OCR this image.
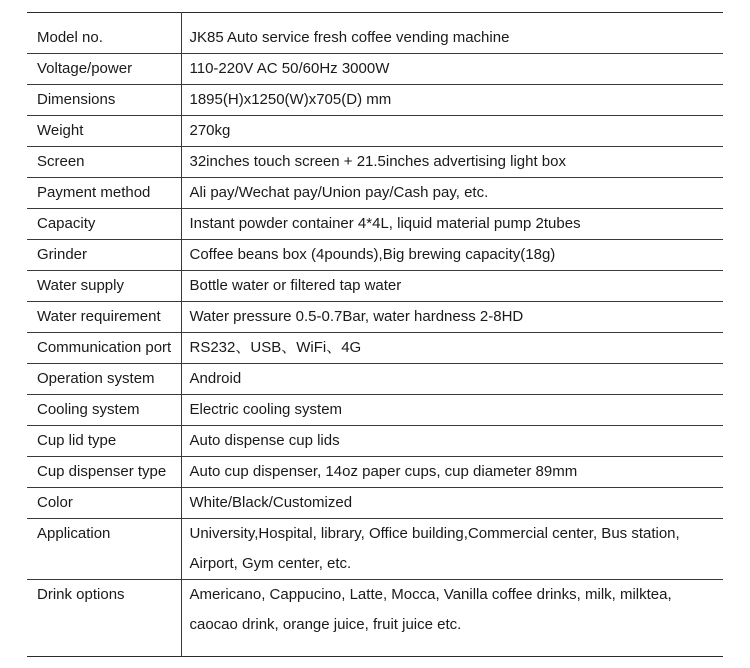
Model no.	JK85 Auto service fresh coffee vending machine

Voltage/power	110-220V AC 50/60Hz 3000W

Dimensions	1895(H)x1250(W)x705(D) mm

Weight	270kg

Screen	32inches touch screen + 21.5inches advertising light box

Payment method	Ali pay/Wechat pay/Union pay/Cash pay, etc.

Capacity	Instant powder container 4*4L, liquid material pump 2tubes

Grinder	Coffee beans box (4pounds),Big brewing capacity(18g)

Water supply	Bottle water or filtered tap water

Water requirement	Water pressure 0.5-0.7Bar, water hardness 2-8HD

Communication port	RS232、USB、WiFi、4G

Operation system	Android

Cooling system	Electric cooling system

Cup lid type	Auto dispense cup lids

Cup dispenser type	Auto cup dispenser, 14oz paper cups, cup diameter 89mm

Color	White/Black/Customized

Application	University,Hospital, library, Office building,Commercial center, Bus station,
Airport, Gym center, etc.

Drink options	Americano, Cappucino, Latte, Mocca, Vanilla coffee drinks, milk, milktea,
caocao drink, orange juice, fruit juice etc.
